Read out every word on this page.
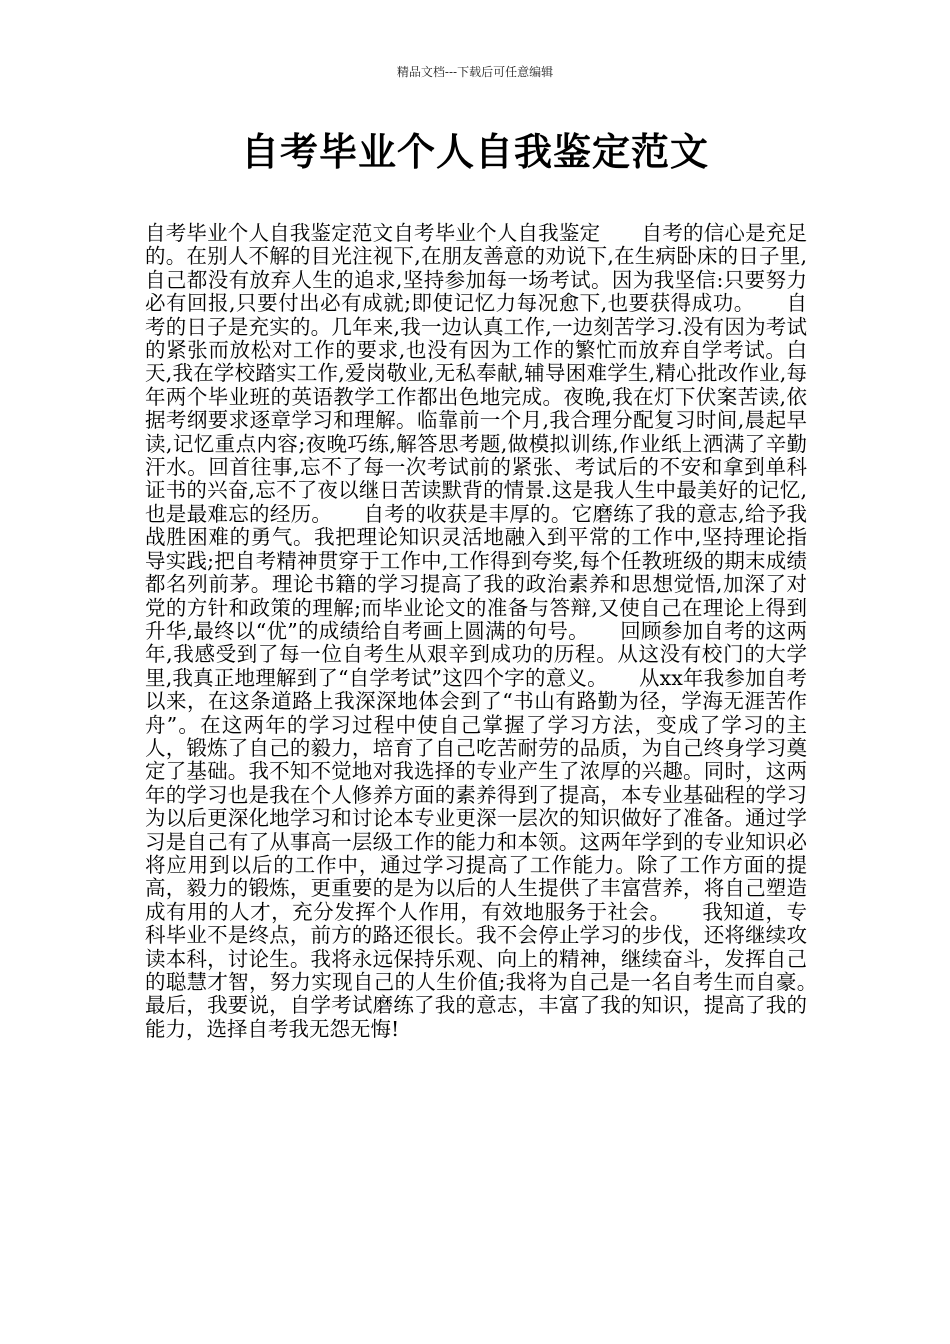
精品文档---下载后可任意编辑
自考毕业个人自我鉴定范文
自考毕业个人自我鉴定范文自考毕业个人自我鉴定　　自考的信心是充足的。在别人不解的目光注视下,在朋友善意的劝说下,在生病卧床的日子里,自己都没有放弃人生的追求,坚持参加每一场考试。因为我坚信:只要努力必有回报,只要付出必有成就;即使记忆力每况愈下,也要获得成功。　　自考的日子是充实的。几年来,我一边认真工作,一边刻苦学习.没有因为考试的紧张而放松对工作的要求,也没有因为工作的繁忙而放弃自学考试。白天,我在学校踏实工作,爱岗敬业,无私奉献,辅导困难学生,精心批改作业,每年两个毕业班的英语教学工作都出色地完成。夜晚,我在灯下伏案苦读,依据考纲要求逐章学习和理解。临靠前一个月,我合理分配复习时间,晨起早读,记忆重点内容;夜晚巧练,解答思考题,做模拟训练,作业纸上洒满了辛勤汗水。回首往事,忘不了每一次考试前的紧张、考试后的不安和拿到单科证书的兴奋,忘不了夜以继日苦读默背的情景.这是我人生中最美好的记忆,也是最难忘的经历。　　自考的收获是丰厚的。它磨练了我的意志,给予我战胜困难的勇气。我把理论知识灵活地融入到平常的工作中,坚持理论指导实践;把自考精神贯穿于工作中,工作得到夸奖,每个任教班级的期末成绩都名列前茅。理论书籍的学习提高了我的政治素养和思想觉悟,加深了对党的方针和政策的理解;而毕业论文的准备与答辩,又使自己在理论上得到升华,最终以“优”的成绩给自考画上圆满的句号。　　回顾参加自考的这两年,我感受到了每一位自考生从艰辛到成功的历程。从这没有校门的大学里,我真正地理解到了“自学考试”这四个字的意义。　　从xx年我参加自考以来，在这条道路上我深深地体会到了“书山有路勤为径，学海无涯苦作舟”。在这两年的学习过程中使自己掌握了学习方法，变成了学习的主人，锻炼了自己的毅力，培育了自己吃苦耐劳的品质，为自己终身学习奠定了基础。我不知不觉地对我选择的专业产生了浓厚的兴趣。同时，这两年的学习也是我在个人修养方面的素养得到了提高，本专业基础程的学习为以后更深化地学习和讨论本专业更深一层次的知识做好了准备。通过学习是自己有了从事高一层级工作的能力和本领。这两年学到的专业知识必将应用到以后的工作中，通过学习提高了工作能力。除了工作方面的提高，毅力的锻炼，更重要的是为以后的人生提供了丰富营养，将自己塑造成有用的人才，充分发挥个人作用，有效地服务于社会。　　我知道，专科毕业不是终点，前方的路还很长。我不会停止学习的步伐，还将继续攻读本科，讨论生。我将永远保持乐观、向上的精神，继续奋斗，发挥自己的聪慧才智，努力实现自己的人生价值;我将为自己是一名自考生而自豪。　　最后，我要说，自学考试磨练了我的意志，丰富了我的知识，提高了我的能力，选择自考我无怨无悔!
